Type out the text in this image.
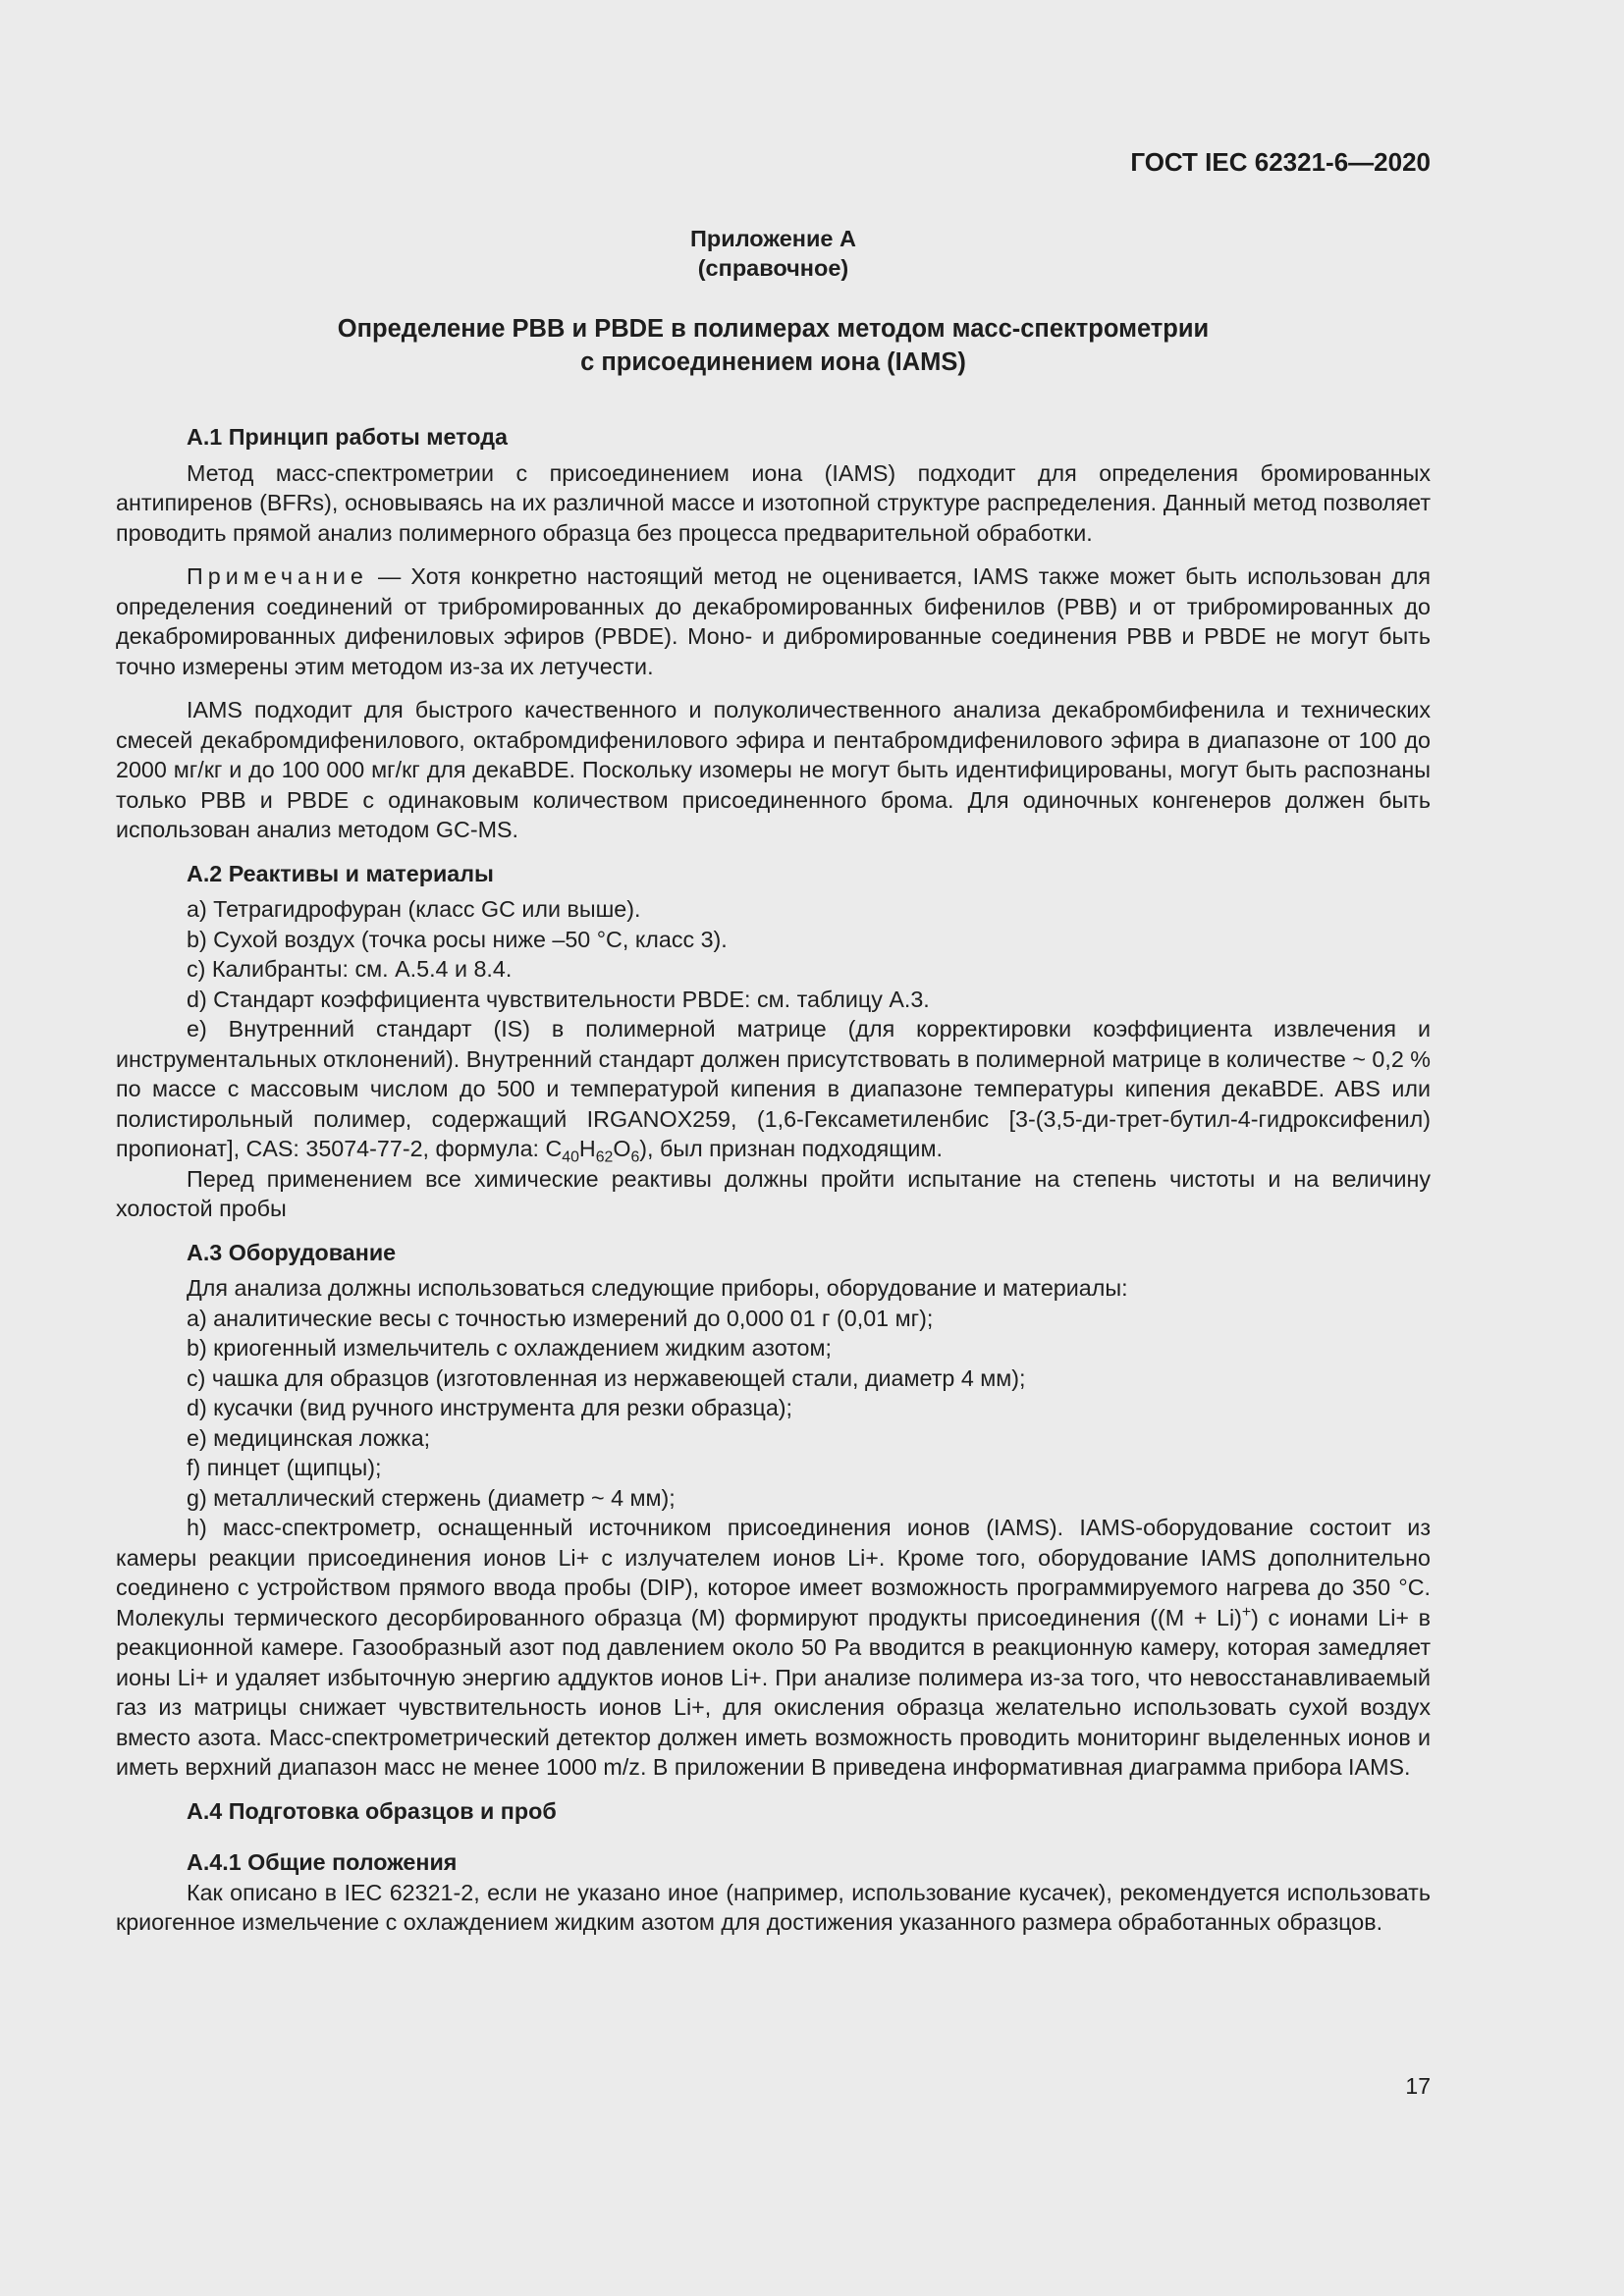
ГОСТ IEC 62321-6—2020
Приложение А
(справочное)
Определение PBB и PBDE в полимерах методом масс-спектрометрии
с присоединением иона (IAMS)
А.1 Принцип работы метода
Метод масс-спектрометрии с присоединением иона (IAMS) подходит для определения бромированных антипиренов (BFRs), основываясь на их различной массе и изотопной структуре распределения. Данный метод позволяет проводить прямой анализ полимерного образца без процесса предварительной обработки.
Примечание — Хотя конкретно настоящий метод не оценивается, IAMS также может быть использован для определения соединений от трибромированных до декабромированных бифенилов (PBB) и от трибромированных до декабромированных дифениловых эфиров (PBDE). Моно- и дибромированные соединения PBB и PBDE не могут быть точно измерены этим методом из-за их летучести.
IAMS подходит для быстрого качественного и полуколичественного анализа декабромбифенила и технических смесей декабромдифенилового, октабромдифенилового эфира и пентабромдифенилового эфира в диапазоне от 100 до 2000 мг/кг и до 100 000 мг/кг для декаBDE. Поскольку изомеры не могут быть идентифицированы, могут быть распознаны только PBB и PBDE с одинаковым количеством присоединенного брома. Для одиночных конгенеров должен быть использован анализ методом GC-MS.
А.2 Реактивы и материалы
a) Тетрагидрофуран (класс GC или выше).
b) Сухой воздух (точка росы ниже –50 °С, класс 3).
c) Калибранты: см. А.5.4 и 8.4.
d) Стандарт коэффициента чувствительности PBDE: см. таблицу А.3.
e) Внутренний стандарт (IS) в полимерной матрице (для корректировки коэффициента извлечения и инструментальных отклонений). Внутренний стандарт должен присутствовать в полимерной матрице в количестве ~ 0,2 % по массе с массовым числом до 500 и температурой кипения в диапазоне температуры кипения декаBDE. ABS или полистирольный полимер, содержащий IRGANOX259, (1,6-Гексаметиленбис [3-(3,5-ди-трет-бутил-4-гидроксифенил) пропионат], CAS: 35074-77-2, формула: $C_{40}H_{62}O_6$), был признан подходящим.
Перед применением все химические реактивы должны пройти испытание на степень чистоты и на величину холостой пробы
А.3 Оборудование
Для анализа должны использоваться следующие приборы, оборудование и материалы:
a) аналитические весы с точностью измерений до 0,000 01 г (0,01 мг);
b) криогенный измельчитель с охлаждением жидким азотом;
c) чашка для образцов (изготовленная из нержавеющей стали, диаметр 4 мм);
d) кусачки (вид ручного инструмента для резки образца);
e) медицинская ложка;
f) пинцет (щипцы);
g) металлический стержень (диаметр ~ 4 мм);
h) масс-спектрометр, оснащенный источником присоединения ионов (IAMS). IAMS-оборудование состоит из камеры реакции присоединения ионов Li+ с излучателем ионов Li+. Кроме того, оборудование IAMS дополнительно соединено с устройством прямого ввода пробы (DIP), которое имеет возможность программируемого нагрева до 350 °С. Молекулы термического десорбированного образца (М) формируют продукты присоединения ((М + Li)+) с ионами Li+ в реакционной камере. Газообразный азот под давлением около 50 Ра вводится в реакционную камеру, которая замедляет ионы Li+ и удаляет избыточную энергию аддуктов ионов Li+. При анализе полимера из-за того, что невосстанавливаемый газ из матрицы снижает чувствительность ионов Li+, для окисления образца желательно использовать сухой воздух вместо азота. Масс-спектрометрический детектор должен иметь возможность проводить мониторинг выделенных ионов и иметь верхний диапазон масс не менее 1000 m/z. В приложении В приведена информативная диаграмма прибора IAMS.
А.4 Подготовка образцов и проб
А.4.1 Общие положения
Как описано в IEC 62321-2, если не указано иное (например, использование кусачек), рекомендуется использовать криогенное измельчение с охлаждением жидким азотом для достижения указанного размера обработанных образцов.
17
